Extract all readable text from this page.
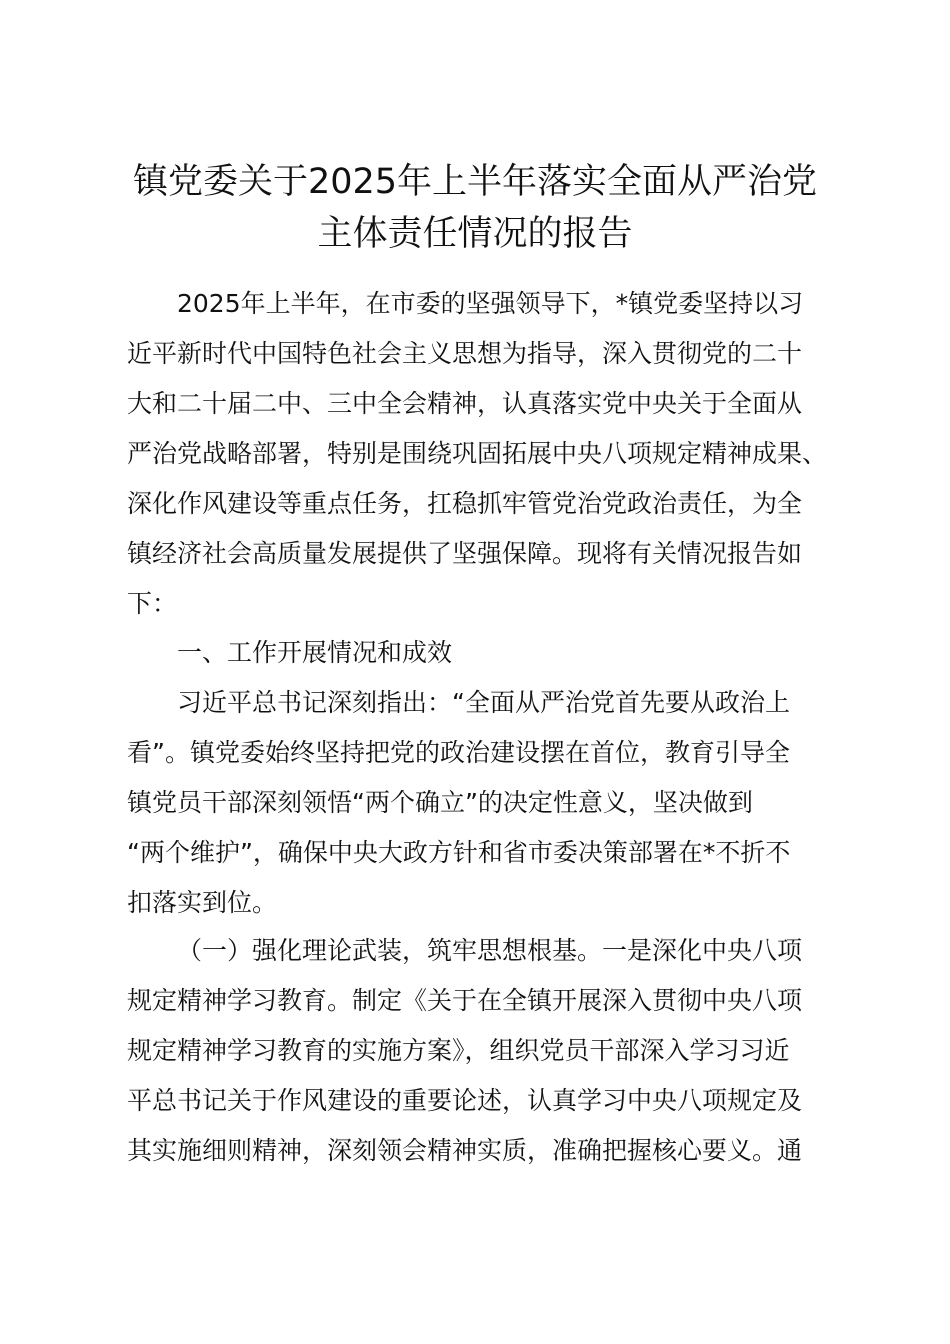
镇党委关于2025年上半年落实全面从严治党
主体责任情况的报告

2025年上半年，在市委的坚强领导下，*镇党委坚持以习

近平新时代中国特色社会主义思想为指导，深入贯彻党的二十

大和二十届二中、三中全会精神，认真落实党中央关于全面从

严治党战略部署，特别是围绕巩固拓展中央八项规定精神成果、

深化作风建设等重点任务，扛稳抓牢管党治党政治责任，为全

镇经济社会高质量发展提供了坚强保障。现将有关情况报告如

下：

一、工作开展情况和成效

习近平总书记深刻指出：“全面从严治党首先要从政治上

看”。镇党委始终坚持把党的政治建设摆在首位，教育引导全

镇党员干部深刻领悟“两个确立”的决定性意义，坚决做到

“两个维护”，确保中央大政方针和省市委决策部署在*不折不

扣落实到位。

（一）强化理论武装，筑牢思想根基。一是深化中央八项

规定精神学习教育。制定《关于在全镇开展深入贯彻中央八项

规定精神学习教育的实施方案》，组织党员干部深入学习习近

平总书记关于作风建设的重要论述，认真学习中央八项规定及

其实施细则精神，深刻领会精神实质，准确把握核心要义。通
